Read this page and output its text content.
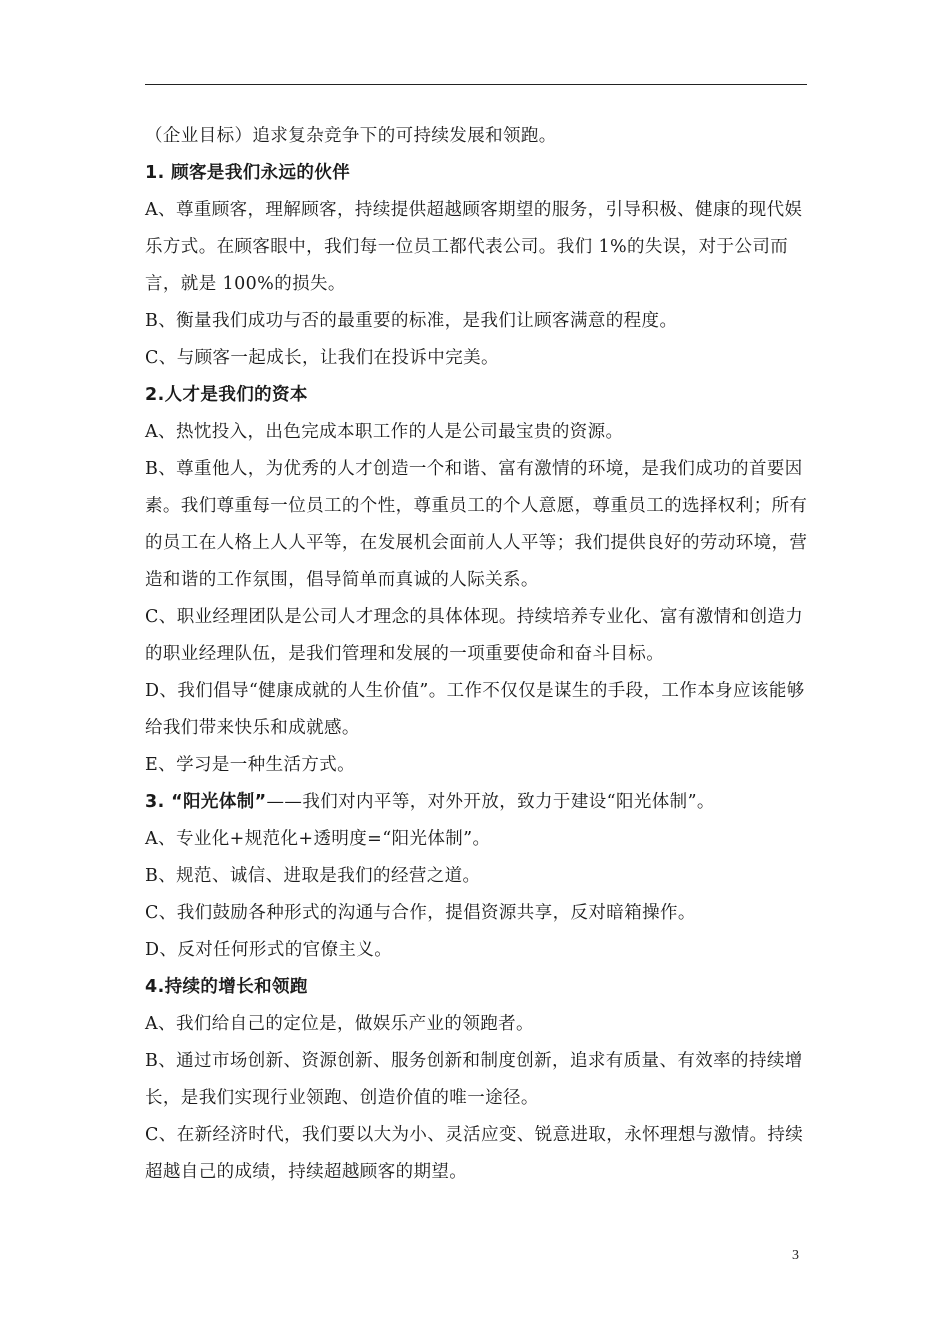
（企业目标）追求复杂竞争下的可持续发展和领跑。

1. 顾客是我们永远的伙伴

A、尊重顾客，理解顾客，持续提供超越顾客期望的服务，引导积极、健康的现代娱乐方式。在顾客眼中，我们每一位员工都代表公司。我们 1%的失误，对于公司而言，就是 100%的损失。

B、衡量我们成功与否的最重要的标准，是我们让顾客满意的程度。

C、与顾客一起成长，让我们在投诉中完美。

2.人才是我们的资本

A、热忱投入，出色完成本职工作的人是公司最宝贵的资源。

B、尊重他人，为优秀的人才创造一个和谐、富有激情的环境，是我们成功的首要因素。我们尊重每一位员工的个性，尊重员工的个人意愿，尊重员工的选择权利；所有的员工在人格上人人平等，在发展机会面前人人平等；我们提供良好的劳动环境，营造和谐的工作氛围，倡导简单而真诚的人际关系。

C、职业经理团队是公司人才理念的具体体现。持续培养专业化、富有激情和创造力的职业经理队伍，是我们管理和发展的一项重要使命和奋斗目标。

D、我们倡导“健康成就的人生价值”。工作不仅仅是谋生的手段，工作本身应该能够给我们带来快乐和成就感。

E、学习是一种生活方式。

3. “阳光体制”——我们对内平等，对外开放，致力于建设“阳光体制”。

A、专业化+规范化+透明度=“阳光体制”。

B、规范、诚信、进取是我们的经营之道。

C、我们鼓励各种形式的沟通与合作，提倡资源共享，反对暗箱操作。

D、反对任何形式的官僚主义。

4.持续的增长和领跑

A、我们给自己的定位是，做娱乐产业的领跑者。

B、通过市场创新、资源创新、服务创新和制度创新，追求有质量、有效率的持续增长，是我们实现行业领跑、创造价值的唯一途径。

C、在新经济时代，我们要以大为小、灵活应变、锐意进取，永怀理想与激情。持续超越自己的成绩，持续超越顾客的期望。

3
